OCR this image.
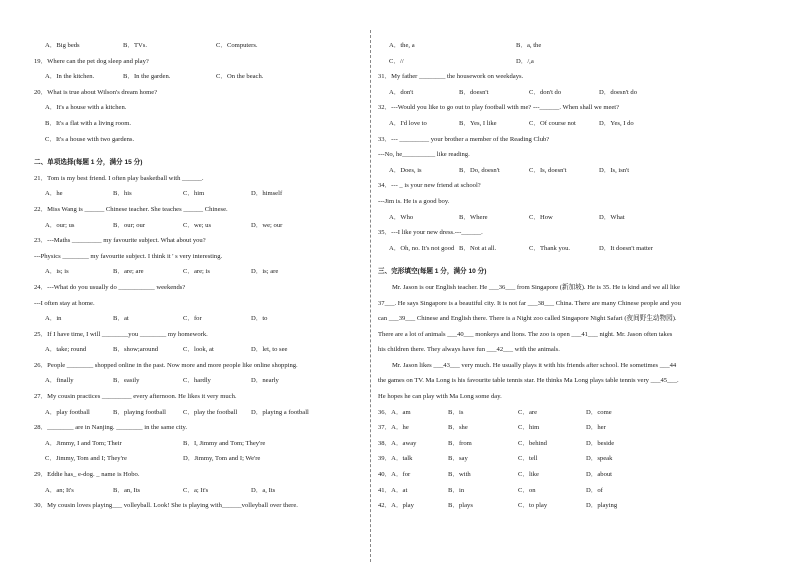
A．Big beds	B．TVs.	C．Computers.
19．Where can the pet dog sleep and play?
A．In the kitchen.	B．In the garden.	C．On the beach.
20．What is true about Wilson's dream home?
A．It's a house with a kitchen.
B．It's a flat with a living room.
C．It's a house with two gardens.
二、单项选择(每题 1 分，满分 15 分)
21．Tom is my best friend. I often play basketball with ______.
A．he	B．his	C．him	D．himself
22．Miss Wang is ______ Chinese teacher. She teaches ______ Chinese.
A．our; us	B．our; our	C．we; us	D．we; our
23．---Maths _________ my favourite subject. What about you?
---Physics ________ my favourite subject. I think it ' s very interesting.
A．is; is	B．are; are	C．are; is	D．is; are
24．---What do you usually do ___________ weekends?
---I often stay at home.
A．in	B．at	C．for	D．to
25．If I have time, I will ________you ________ my homework.
A．take; round	B．show;around	C．look, at	D．let, to see
26．People ________ shopped online in the past. Now more and more people like online shopping.
A．finally	B．easily	C．hardly	D．nearly
27．My cousin practices _________ every afternoon. He likes it very much.
A．play football	B．playing football	C．play the football	D．playing a football
28．________ are in Nanjing. ________ in the same city.
A．Jimmy, I and Tom; Their	B．I, Jimmy and Tom; They're
C．Jimmy, Tom and I; They're	D．Jimmy, Tom and I; We're
29．Eddie has_ e-dog. _ name is Hobo.
A．an; It's	B．an, Its	C．a; It's	D．a, Its
30．My cousin loves playing___ volleyball. Look! She is playing with______volleyball over there.
A．the, a	B．a, the
C．//	D．/,a
31．My father ________ the housework on weekdays.
A．don't	B．doesn't	C．don't do	D．doesn't do
32．---Would you like to go out to play football with me? ---______. When shall we meet?
A．I'd love to	B．Yes, I like	C．Of course not	D．Yes, I do
33．--- _________ your brother a member of the Reading Club?
---No, he__________ like reading.
A．Does, is	B．Do, doesn't	C．Is, doesn't	D．Is, isn't
34．--- _ is your new friend at school?
---Jim is. He is a good boy.
A．Who	B．Where	C．How	D．What
35．---I like your new dress.---______.
A．Oh, no. It's not good B．Not at all.	C．Thank you.	D．It doesn't matter
三、完形填空(每题 1 分，满分 10 分)
Mr. Jason is our English teacher. He ___36___ from Singapore (新加坡). He is 35. He is kind and we all like
37___. He says Singapore is a beautiful city. It is not far ___38___ China. There are many Chinese people and you
can ___39___ Chinese and English there. There is a Night zoo called Singapore Night Safari (夜间野生动物园).
There are a lot of animals ___40___ monkeys and lions. The zoo is open ___41___ night. Mr. Jason often takes
his children there. They always have fun ___42___ with the animals.
Mr. Jason likes ___43___ very much. He usually plays it with his friends after school. He sometimes ___44
the games on TV. Ma Long is his favourite table tennis star. He thinks Ma Long plays table tennis very ___45___.
He hopes he can play with Ma Long some day.
36．A．am	B．is	C．are	D．come
37．A．he	B．she	C．him	D．her
38．A．away	B．from	C．behind	D．beside
39．A．talk	B．say	C．tell	D．speak
40．A．for	B．with	C．like	D．about
41．A．at	B．in	C．on	D．of
42．A．play	B．plays	C．to play	D．playing
